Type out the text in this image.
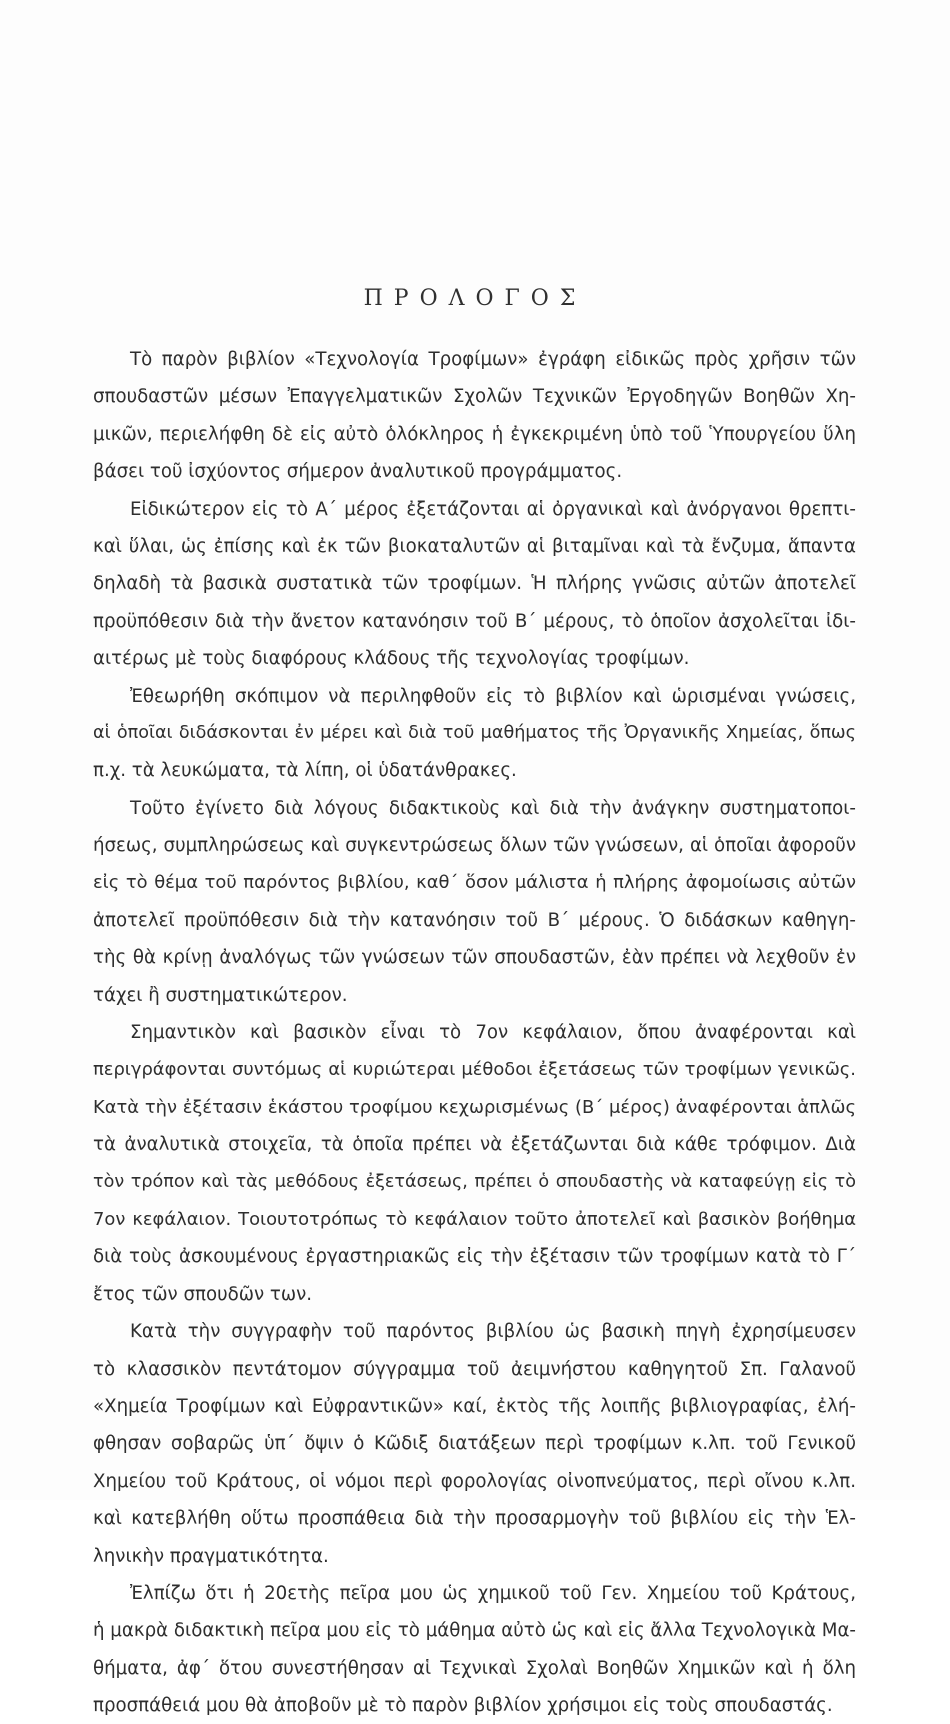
ΠΡΟΛΟΓΟΣ
Τὸ παρὸν βιβλίον «Τεχνολογία Τροφίμων» ἐγράφη εἰδικῶς πρὸς χρῆσιν τῶν
σπουδαστῶν μέσων Ἐπαγγελματικῶν Σχολῶν Τεχνικῶν Ἐργοδηγῶν Βοηθῶν Χη-
μικῶν, περιελήφθη δὲ εἰς αὐτὸ ὁλόκληρος ἡ ἐγκεκριμένη ὑπὸ τοῦ Ὑπουργείου ὕλη
βάσει τοῦ ἰσχύοντος σήμερον ἀναλυτικοῦ προγράμματος.
Εἰδικώτερον εἰς τὸ Α΄ μέρος ἐξετάζονται αἱ ὀργανικαὶ καὶ ἀνόργανοι θρεπτι-
καὶ ὕλαι, ὡς ἐπίσης καὶ ἐκ τῶν βιοκαταλυτῶν αἱ βιταμῖναι καὶ τὰ ἔνζυμα, ἅπαντα
δηλαδὴ τὰ βασικὰ συστατικὰ τῶν τροφίμων. Ἡ πλήρης γνῶσις αὐτῶν ἀποτελεῖ
προϋπόθεσιν διὰ τὴν ἄνετον κατανόησιν τοῦ Β΄ μέρους, τὸ ὁποῖον ἀσχολεῖται ἰδι-
αιτέρως μὲ τοὺς διαφόρους κλάδους τῆς τεχνολογίας τροφίμων.
Ἐθεωρήθη σκόπιμον νὰ περιληφθοῦν εἰς τὸ βιβλίον καὶ ὡρισμέναι γνώσεις,
αἱ ὁποῖαι διδάσκονται ἐν μέρει καὶ διὰ τοῦ μαθήματος τῆς Ὀργανικῆς Χημείας, ὅπως
π.χ. τὰ λευκώματα, τὰ λίπη, οἱ ὑδατάνθρακες.
Τοῦτο ἐγίνετο διὰ λόγους διδακτικοὺς καὶ διὰ τὴν ἀνάγκην συστηματοποι-
ήσεως, συμπληρώσεως καὶ συγκεντρώσεως ὅλων τῶν γνώσεων, αἱ ὁποῖαι ἀφοροῦν
εἰς τὸ θέμα τοῦ παρόντος βιβλίου, καθ΄ ὅσον μάλιστα ἡ πλήρης ἀφομοίωσις αὐτῶν
ἀποτελεῖ προϋπόθεσιν διὰ τὴν κατανόησιν τοῦ Β΄ μέρους. Ὁ διδάσκων καθηγη-
τὴς θὰ κρίνῃ ἀναλόγως τῶν γνώσεων τῶν σπουδαστῶν, ἐὰν πρέπει νὰ λεχθοῦν ἐν
τάχει ἢ συστηματικώτερον.
Σημαντικὸν καὶ βασικὸν εἶναι τὸ 7ον κεφάλαιον, ὅπου ἀναφέρονται καὶ
περιγράφονται συντόμως αἱ κυριώτεραι μέθοδοι ἐξετάσεως τῶν τροφίμων γενικῶς.
Κατὰ τὴν ἐξέτασιν ἑκάστου τροφίμου κεχωρισμένως (Β΄ μέρος) ἀναφέρονται ἁπλῶς
τὰ ἀναλυτικὰ στοιχεῖα, τὰ ὁποῖα πρέπει νὰ ἐξετάζωνται διὰ κάθε τρόφιμον. Διὰ
τὸν τρόπον καὶ τὰς μεθόδους ἐξετάσεως, πρέπει ὁ σπουδαστὴς νὰ καταφεύγῃ εἰς τὸ
7ον κεφάλαιον. Τοιουτοτρόπως τὸ κεφάλαιον τοῦτο ἀποτελεῖ καὶ βασικὸν βοήθημα
διὰ τοὺς ἀσκουμένους ἐργαστηριακῶς εἰς τὴν ἐξέτασιν τῶν τροφίμων κατὰ τὸ Γ΄
ἔτος τῶν σπουδῶν των.
Κατὰ τὴν συγγραφὴν τοῦ παρόντος βιβλίου ὡς βασικὴ πηγὴ ἐχρησίμευσεν
τὸ κλασσικὸν πεντάτομον σύγγραμμα τοῦ ἀειμνήστου καθηγητοῦ Σπ. Γαλανοῦ
«Χημεία Τροφίμων καὶ Εὐφραντικῶν» καί, ἐκτὸς τῆς λοιπῆς βιβλιογραφίας, ἐλή-
φθησαν σοβαρῶς ὑπ΄ ὄψιν ὁ Κῶδιξ διατάξεων περὶ τροφίμων κ.λπ. τοῦ Γενικοῦ
Χημείου τοῦ Κράτους, οἱ νόμοι περὶ φορολογίας οἰνοπνεύματος, περὶ οἴνου κ.λπ.
καὶ κατεβλήθη οὕτω προσπάθεια διὰ τὴν προσαρμογὴν τοῦ βιβλίου εἰς τὴν Ἑλ-
ληνικὴν πραγματικότητα.
Ἐλπίζω ὅτι ἡ 20ετὴς πεῖρα μου ὡς χημικοῦ τοῦ Γεν. Χημείου τοῦ Κράτους,
ἡ μακρὰ διδακτικὴ πεῖρα μου εἰς τὸ μάθημα αὐτὸ ὡς καὶ εἰς ἄλλα Τεχνολογικὰ Μα-
θήματα, ἀφ΄ ὅτου συνεστήθησαν αἱ Τεχνικαὶ Σχολαὶ Βοηθῶν Χημικῶν καὶ ἡ ὅλη
προσπάθειά μου θὰ ἀποβοῦν μὲ τὸ παρὸν βιβλίον χρήσιμοι εἰς τοὺς σπουδαστάς.
